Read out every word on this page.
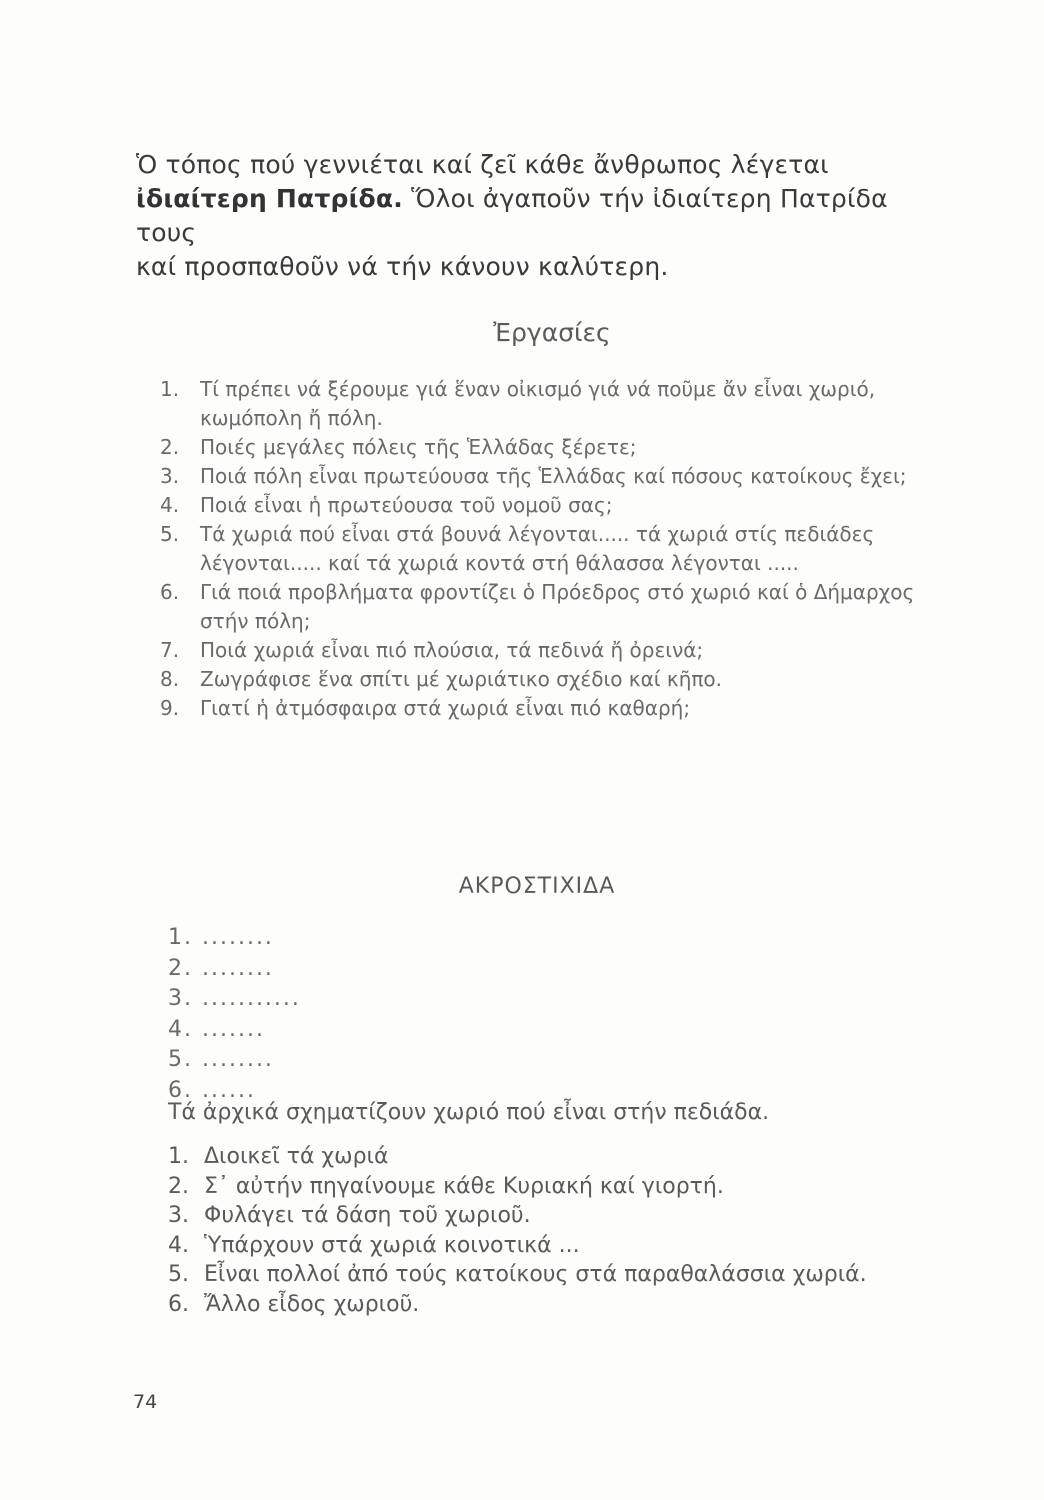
Ὁ τόπος πού γεννιέται καί ζεῖ κάθε ἄνθρωπος λέγεται
ἰδιαίτερη Πατρίδα. Ὅλοι ἀγαποῦν τήν ἰδιαίτερη Πατρίδα τους
καί προσπαθοῦν νά τήν κάνουν καλύτερη.
Ἐργασίες
1.	Τί πρέπει νά ξέρουμε γιά ἕναν οἰκισμό γιά νά ποῦμε ἄν εἶναι χωριό, κωμόπολη ἤ πόλη.
2.	Ποιές μεγάλες πόλεις τῆς Ἑλλάδας ξέρετε;
3.	Ποιά πόλη εἶναι πρωτεύουσα τῆς Ἑλλάδας καί πόσους κατοίκους ἔχει;
4.	Ποιά εἶναι ἡ πρωτεύουσα τοῦ νομοῦ σας;
5.	Τά χωριά πού εἶναι στά βουνά λέγονται..... τά χωριά στίς πεδιάδες λέγονται..... καί τά χωριά κοντά στή θάλασσα λέγονται .....
6.	Γιά ποιά προβλήματα φροντίζει ὁ Πρόεδρος στό χωριό καί ὁ Δήμαρχος στήν πόλη;
7.	Ποιά χωριά εἶναι πιό πλούσια, τά πεδινά ἤ ὀρεινά;
8.	Ζωγράφισε ἕνα σπίτι μέ χωριάτικο σχέδιο καί κῆπο.
9.	Γιατί ἡ ἀτμόσφαιρα στά χωριά εἶναι πιό καθαρή;
ΑΚΡΟΣΤΙΧΙΔΑ
1. ........
2. ........
3. ...........
4. .......
5. ........
6. ......
Τά ἀρχικά σχηματίζουν χωριό πού εἶναι στήν πεδιάδα.
1. Διοικεῖ τά χωριά
2. Σ᾽ αὐτήν πηγαίνουμε κάθε Κυριακή καί γιορτή.
3. Φυλάγει τά δάση τοῦ χωριοῦ.
4. Ὑπάρχουν στά χωριά κοινοτικά ...
5. Εἶναι πολλοί ἀπό τούς κατοίκους στά παραθαλάσσια χωριά.
6. Ἄλλο εἶδος χωριοῦ.
74
